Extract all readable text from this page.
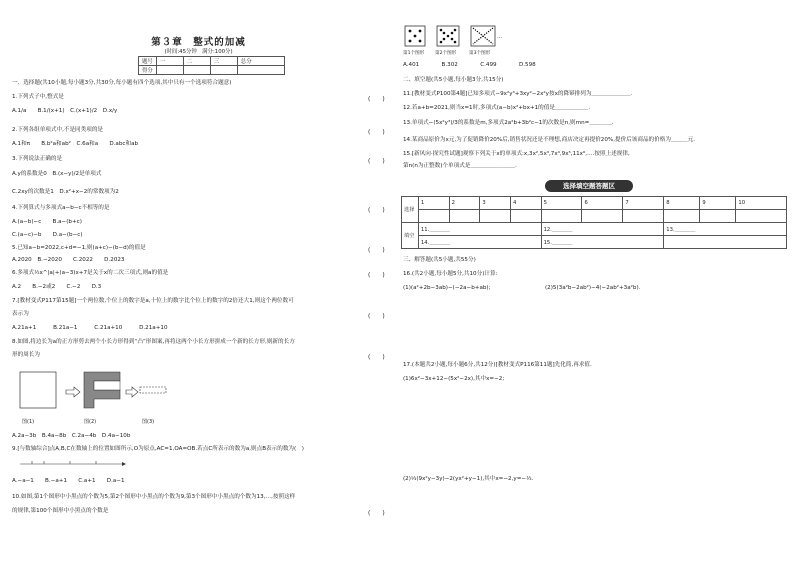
第３章　整式的加减
(时间:45分钟　满分:100分)
题号	一	二	三	总分
得分				
一、选择题(共10小题,每小题3分,共30分,每小题有四个选项,其中只有一个选项符合题意)
1.下列式子中,整式是	(　　)
A.1/a　　B.1/(x+1)　C.(x+1)/2　D.x/y
2.下列各组单项式中,不是同类项的是	(　　)
A.1和π　　B.b²a和ab²　C.6a和a　　D.abc和ab
3.下列说法正确的是	(　　)
A.y的系数是0　B.(x−y)/2是单项式
C.2xy的次数是1　D.x²+x−2的常数项为2
4.下列算式与多项式a−b−c不相等的是	(　　)
A.(a−b)−c　　B.a−(b+c)
C.(a−c)−b　　D.a−(b−c)
5.已知a−b=2022,c+d=−1,则(a+c)−(b−d)的值是	(　　)
A.2020　B.−2020　　C.2022　　D.2023
6.多项式½x^|a|+(a−3)x+7是关于x的二次三项式,则a的值是	(　　)
A.2　　B.−2或2　　C.−2　　D.3
7.[教材变式P117第15题]一个两位数,个位上的数字是a,十位上的数字比个位上的数字的2倍还大1,则这个两位数可
表示为	(　　)
A.21a+1　　　B.21a−1　　　C.21a+10　　　D.21a+10
8.如图,将边长为a的正方形剪去两个小长方形得到“凸”形图案,再将这两个小长方形拼成一个新的长方形,则新的长方
形的周长为	(　　)
图(1)	图(2)	图(3)
A.2a−3b　B.4a−8b　C.2a−4b　D.4a−10b
9.[与数轴综合]点A,B,C在数轴上的位置如图所示,O为原点,AC=1,OA=OB.若点C所表示的数为a,则点B表示的数为(　)
A.−a−1　　B.−a+1　　C.a+1　　D.a−1
10.如图,第1个图形中小黑点的个数为5,第2个图形中小黑点的个数为9,第3个图形中小黑点的个数为13,…,按照这样
的规律,第100个图形中小黑点的个数是	(　　)
第1个图形 第2个图形	第3个图形
…
A.401　　　　B.302　　　　C.499　　　　D.598
二、填空题(共5小题,每小题3分,共15分)
11.[教材变式P100第4题]已知多项式−9x²y³+3xy²−2x²y按x的降幂排列为＿＿＿＿＿＿＿.
12.若a+b=2021,则当x=1时,多项式(a−b)x²+bx+1的值是＿＿＿＿＿＿.
13.单项式−(5x²y³)/3的系数是m,多项式2a²b+3b²c−1的次数是n,则mn=＿＿＿＿.
14.某商品原价为x元,为了促销降价20%后,销售状况还是不理想,商店决定再提价20%,提价后该商品的价格为＿＿＿元.
15.[新风向·探究性试题]观察下列关于x的单项式:x,3x²,5x³,7x⁴,9x⁵,11x⁶,….按照上述规律,
第n(n为正整数)个单项式是＿＿＿＿＿＿＿＿.
选择填空题答题区
选择	1	2	3	4	5	6	7	8	9	10

填空	11.＿＿＿＿				12.＿＿＿＿			13.＿＿＿＿		
	14.＿＿＿＿				15.＿＿＿＿					
三、解答题(共5小题,共55分)
16.(共2小题,每小题5分,共10分)计算:
(1)(a²+2b−3ab)−(−2a−b+ab);	(2)5(3a²b−2ab²)−4(−2ab²+3a²b).
17.(本题共2小题,每小题6分,共12分)[教材变式P116第11题]先化简,再求值.
(1)6x²−3x+12−(5x²−2x),其中x=−2;
(2)⅓(9x²y−3y)−2(yx²+y−1),其中x=−2,y=−⅓.
